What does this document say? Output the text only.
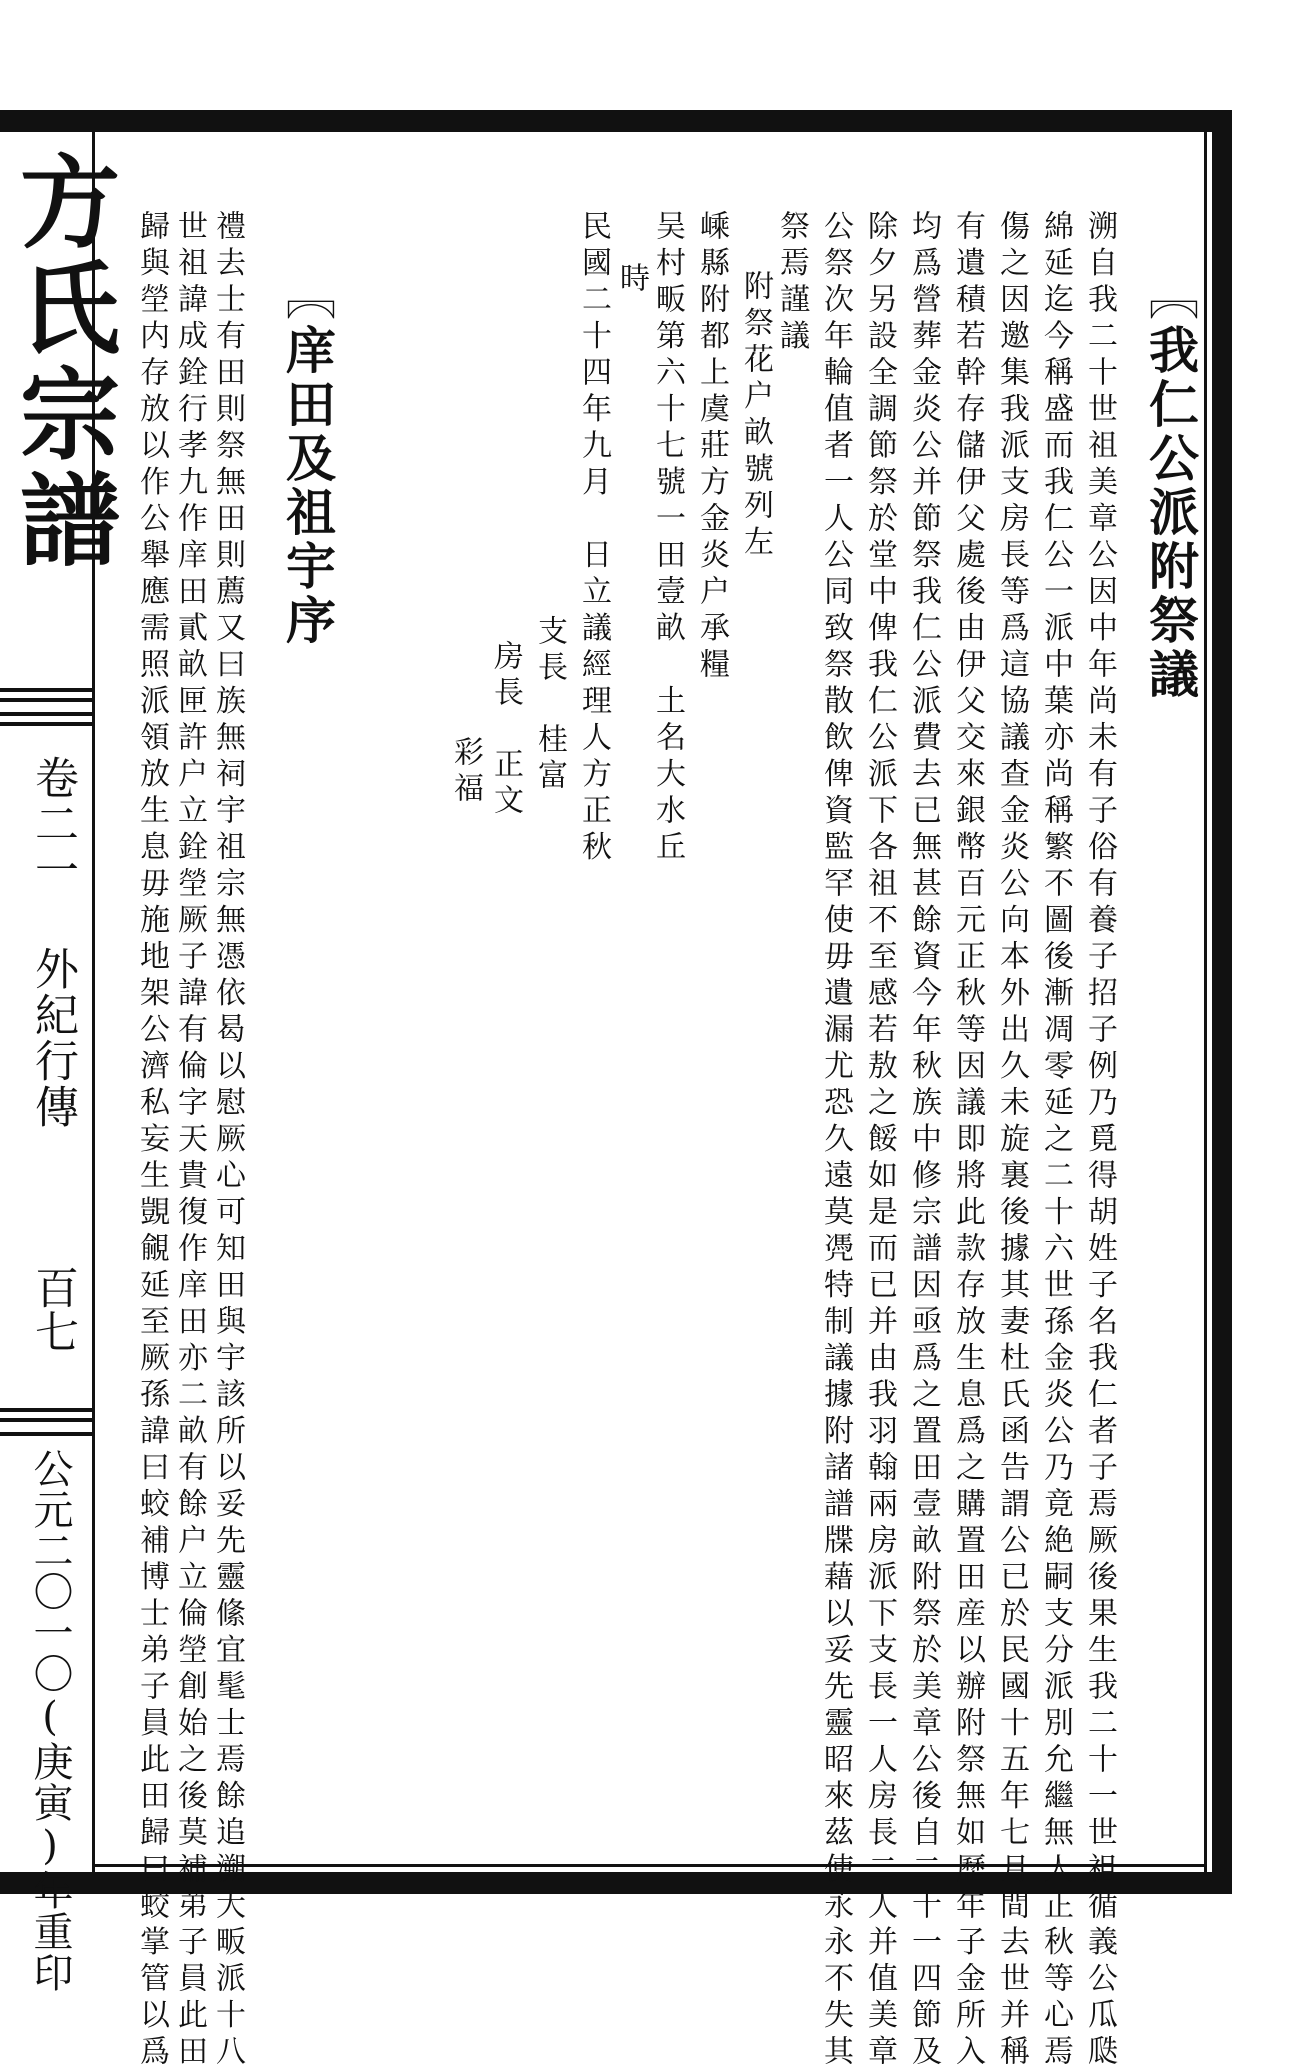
方氏宗譜
卷二一 外紀行傳
百七
公元二〇一〇(庚寅)年重印
〖我仁公派附祭議
溯自我二十世祖美章公因中年尚未有子俗有養子招子例乃覓得胡姓子名我仁者子焉厥後果生我二十一世祖循義公瓜瓞
綿延迄今稱盛而我仁公一派中葉亦尚稱繁不圖後漸凋零延之二十六世孫金炎公乃竟絶嗣支分派別允繼無人正秋等心焉
傷之因邀集我派支房長等爲這協議查金炎公向本外出久未旋裏後據其妻杜氏函告謂公已於民國十五年七月間去世并稱
有遺積若幹存儲伊父處後由伊父交來銀幣百元正秋等因議即將此款存放生息爲之購置田産以辦附祭無如歷年子金所入
均爲營葬金炎公并節祭我仁公派費去已無甚餘資今年秋族中修宗譜因亟爲之置田壹畝附祭於美章公後自二十一四節及
除夕另設全調節祭於堂中俾我仁公派下各祖不至感若敖之餒如是而已并由我羽翰兩房派下支長一人房長二人并值美章
公祭次年輪值者一人公同致祭散飲俾資監罕使毋遺漏尤恐久遠莫凴特制議據附諸譜牒藉以妥先靈昭來茲使永永不失其
祭焉謹議
附祭花户畝號列左
嵊縣附都上虞莊方金炎户承糧
吴村畈第六十七號一田壹畝　土名大水丘
時
民國二十四年九月　日立議經理人方正秋
支長　桂富
房長　正文
彩福
〖庠田及祖宇序
禮去士有田則祭無田則薦又曰族無祠宇祖宗無憑依曷以慰厥心可知田與宇該所以妥先靈絛宜髦士焉餘追溯大畈派十八
世祖諱成銓行孝九作庠田貳畝匣許户立銓塋厥子諱有倫字天貴復作庠田亦二畝有餘户立倫塋創始之後莫補弟子員此田
歸與塋内存放以作公舉應需照派領放生息毋施地架公濟私妄生覬覦延至厥孫諱曰蛟補博士弟子員此田歸曰蛟掌管以爲
